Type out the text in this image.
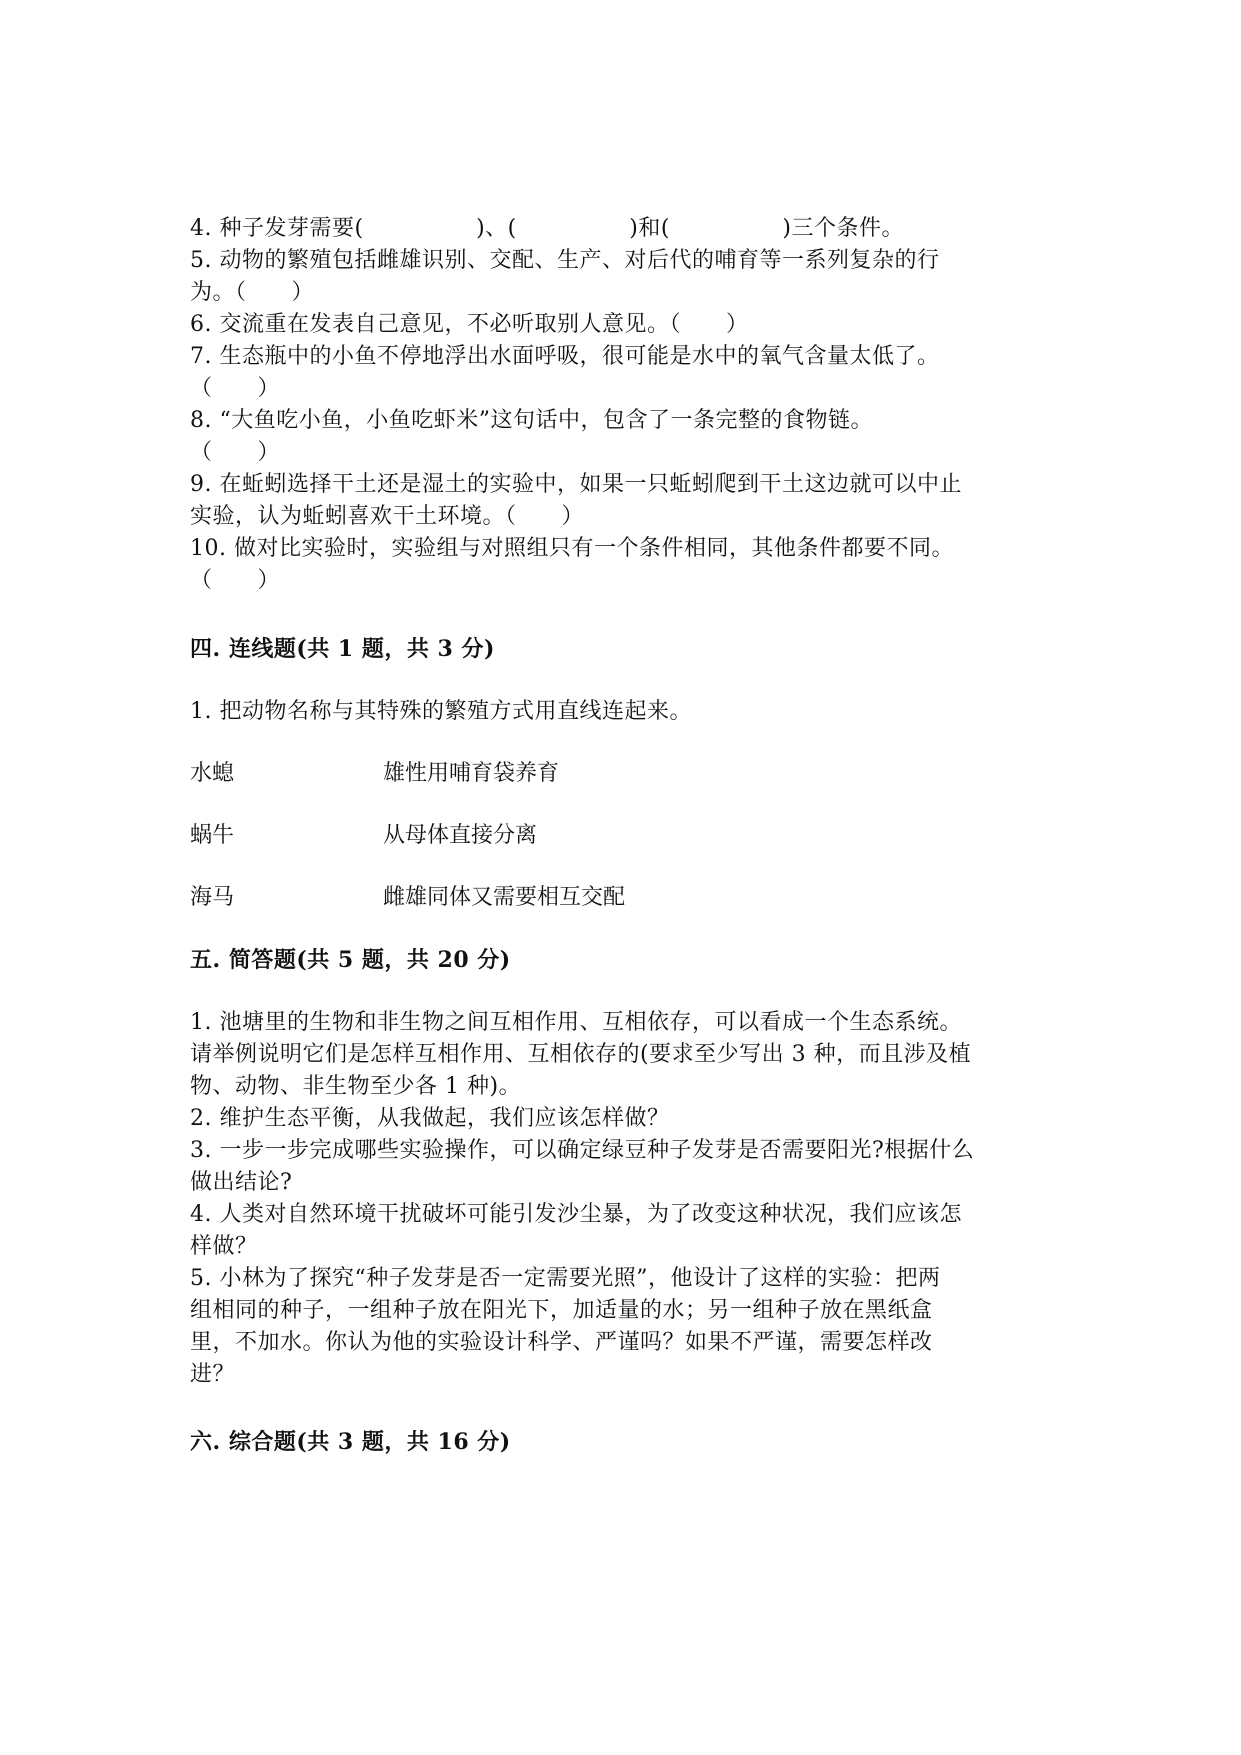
4. 种子发芽需要(　　　　　)、(　　　　　)和(　　　　　)三个条件。
5. 动物的繁殖包括雌雄识别、交配、生产、对后代的哺育等一系列复杂的行
为。（　　）
6. 交流重在发表自己意见，不必听取别人意见。（　　）
7. 生态瓶中的小鱼不停地浮出水面呼吸，很可能是水中的氧气含量太低了。
（　　）
8. “大鱼吃小鱼，小鱼吃虾米”这句话中，包含了一条完整的食物链。
（　　）
9. 在蚯蚓选择干土还是湿土的实验中，如果一只蚯蚓爬到干土这边就可以中止
实验，认为蚯蚓喜欢干土环境。（　　）
10. 做对比实验时，实验组与对照组只有一个条件相同，其他条件都要不同。
（　　）
四. 连线题(共 1 题，共 3 分)
1. 把动物名称与其特殊的繁殖方式用直线连起来。
水螅	雄性用哺育袋养育
蜗牛	从母体直接分离
海马	雌雄同体又需要相互交配
五. 简答题(共 5 题，共 20 分)
1. 池塘里的生物和非生物之间互相作用、互相依存，可以看成一个生态系统。
请举例说明它们是怎样互相作用、互相依存的(要求至少写出 3 种，而且涉及植
物、动物、非生物至少各 1 种)。
2. 维护生态平衡，从我做起，我们应该怎样做？
3. 一步一步完成哪些实验操作，可以确定绿豆种子发芽是否需要阳光?根据什么
做出结论?
4. 人类对自然环境干扰破坏可能引发沙尘暴，为了改变这种状况，我们应该怎
样做？
5. 小林为了探究“种子发芽是否一定需要光照”，他设计了这样的实验：把两
组相同的种子，一组种子放在阳光下，加适量的水；另一组种子放在黑纸盒
里，不加水。你认为他的实验设计科学、严谨吗？如果不严谨，需要怎样改
进？
六. 综合题(共 3 题，共 16 分)
